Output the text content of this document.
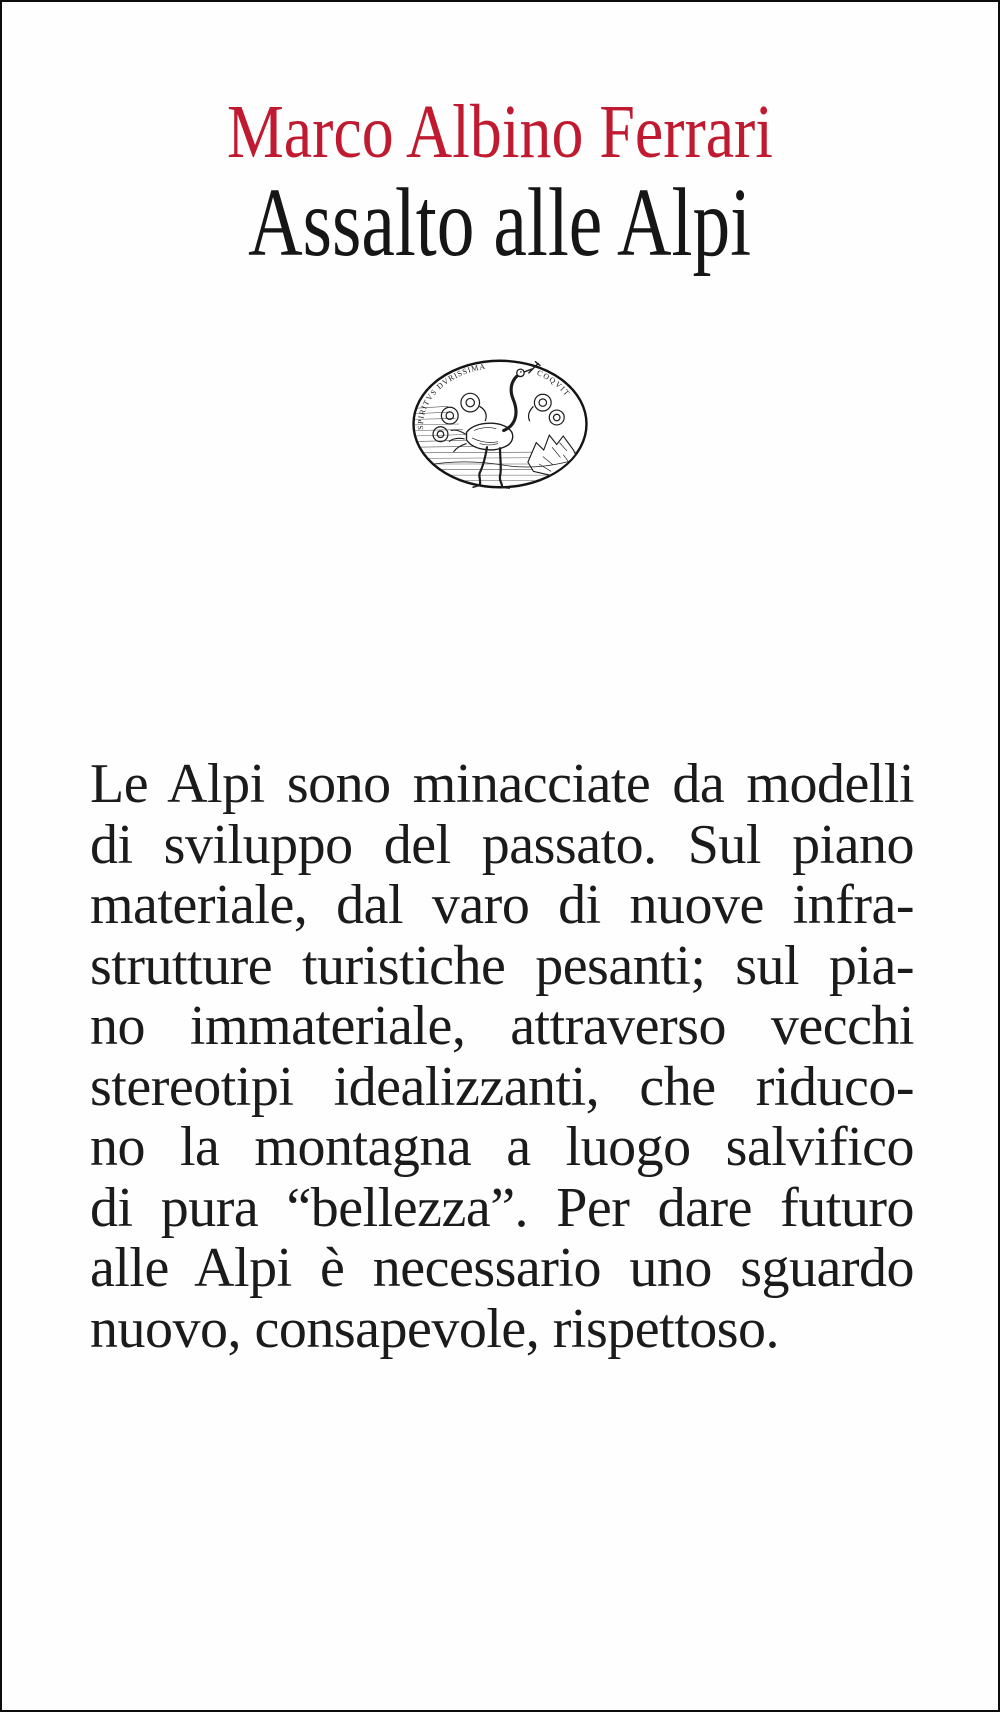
Marco Albino Ferrari
Assalto alle Alpi
SPIRITVS DVRISSIMA
COQVIT
Le Alpi sono minacciate da modelli
di sviluppo del passato. Sul piano
materiale, dal varo di nuove infra-
strutture turistiche pesanti; sul pia-
no immateriale, attraverso vecchi
stereotipi idealizzanti, che riduco-
no la montagna a luogo salvifico
di pura “bellezza”. Per dare futuro
alle Alpi è necessario uno sguardo
nuovo, consapevole, rispettoso.
